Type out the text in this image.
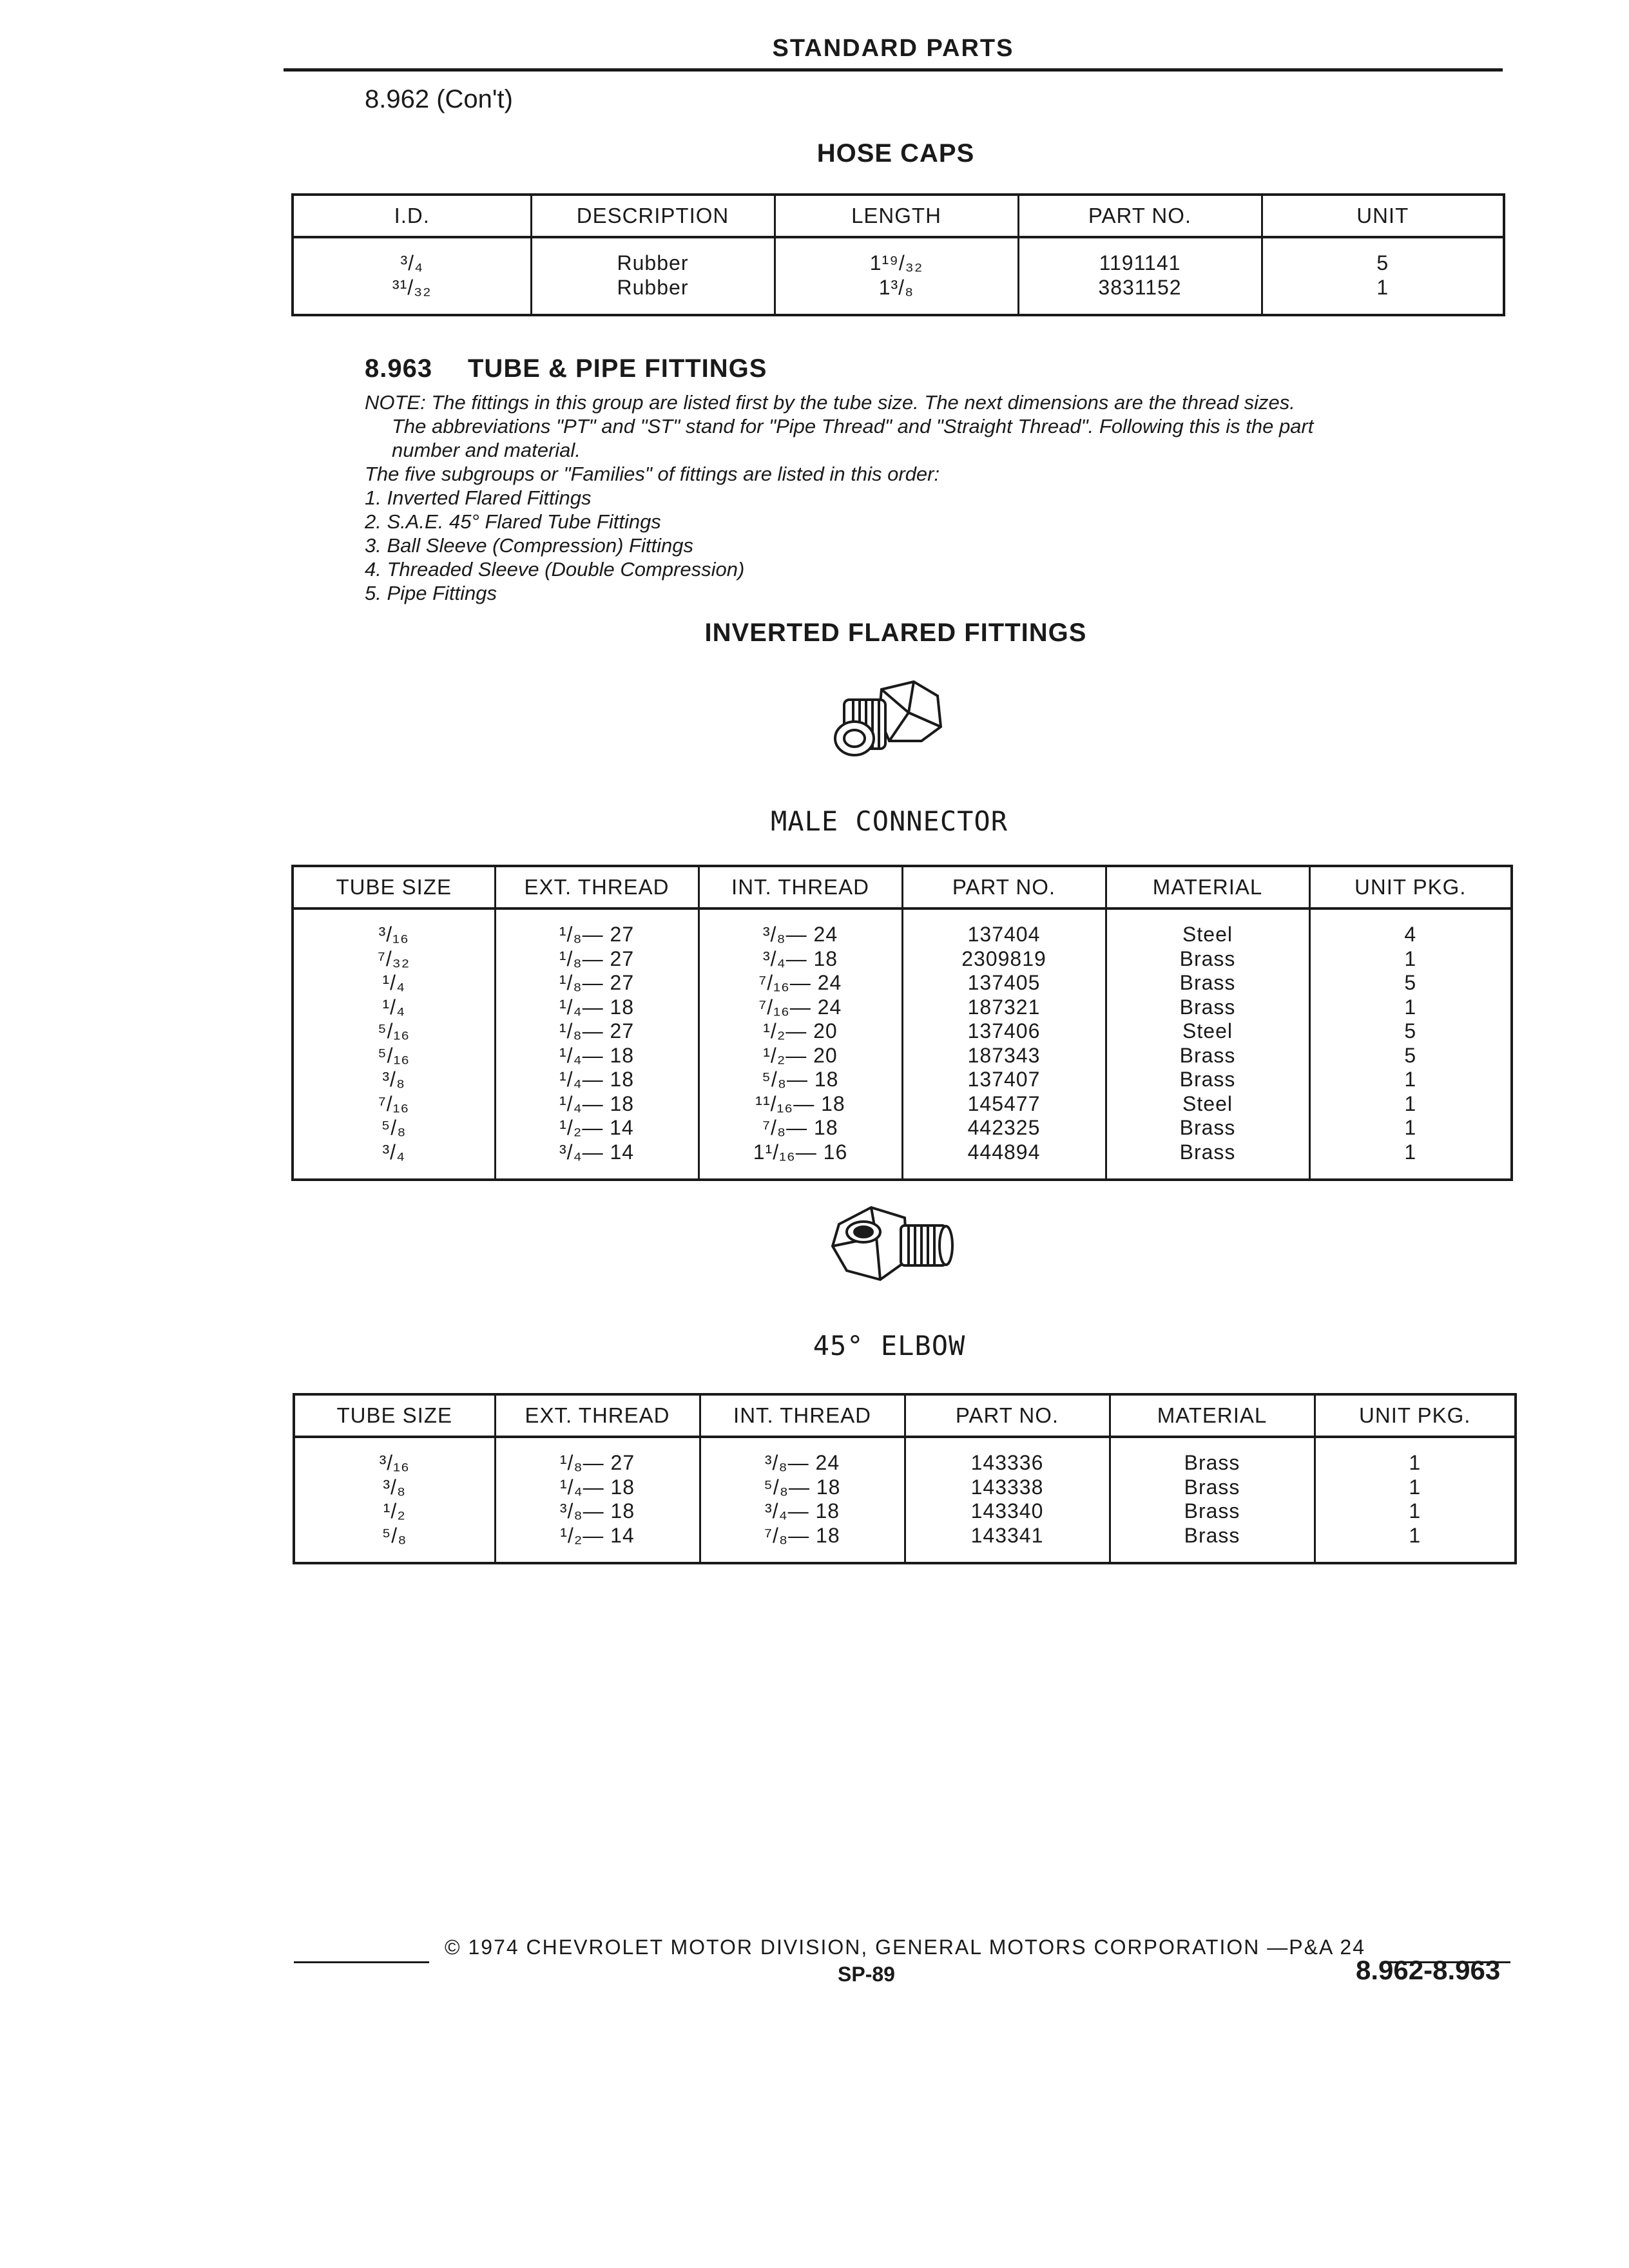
STANDARD PARTS
8.962 (Con't)
HOSE CAPS
I.D.	DESCRIPTION	LENGTH	PART NO.	UNIT

³/₄	Rubber	1¹⁹/₃₂	1191141	5
³¹/₃₂	Rubber	1³/₈	3831152	1

8.963 TUBE & PIPE FITTINGS

NOTE: The fittings in this group are listed first by the tube size. The next dimensions are the thread sizes.

The abbreviations "PT" and "ST" stand for "Pipe Thread" and "Straight Thread". Following this is the part

number and material.

The five subgroups or "Families" of fittings are listed in this order:

1. Inverted Flared Fittings

2. S.A.E. 45° Flared Tube Fittings

3. Ball Sleeve (Compression) Fittings

4. Threaded Sleeve (Double Compression)

5. Pipe Fittings

INVERTED FLARED FITTINGS
MALE CONNECTOR
TUBE SIZE	EXT. THREAD	INT. THREAD	PART NO.	MATERIAL	UNIT PKG.

³/₁₆	¹/₈— 27	³/₈— 24	137404	Steel	4
⁷/₃₂	¹/₈— 27	³/₄— 18	2309819	Brass	1
¹/₄	¹/₈— 27	⁷/₁₆— 24	137405	Brass	5
¹/₄	¹/₄— 18	⁷/₁₆— 24	187321	Brass	1
⁵/₁₆	¹/₈— 27	¹/₂— 20	137406	Steel	5
⁵/₁₆	¹/₄— 18	¹/₂— 20	187343	Brass	5
³/₈	¹/₄— 18	⁵/₈— 18	137407	Brass	1
⁷/₁₆	¹/₄— 18	¹¹/₁₆— 18	145477	Steel	1
⁵/₈	¹/₂— 14	⁷/₈— 18	442325	Brass	1
³/₄	³/₄— 14	1¹/₁₆— 16	444894	Brass	1

45° ELBOW
TUBE SIZE	EXT. THREAD	INT. THREAD	PART NO.	MATERIAL	UNIT PKG.

³/₁₆	¹/₈— 27	³/₈— 24	143336	Brass	1
³/₈	¹/₄— 18	⁵/₈— 18	143338	Brass	1
¹/₂	³/₈— 18	³/₄— 18	143340	Brass	1
⁵/₈	¹/₂— 14	⁷/₈— 18	143341	Brass	1

© 1974 CHEVROLET MOTOR DIVISION, GENERAL MOTORS CORPORATION —P&A 24
SP-89	8.962-8.963
